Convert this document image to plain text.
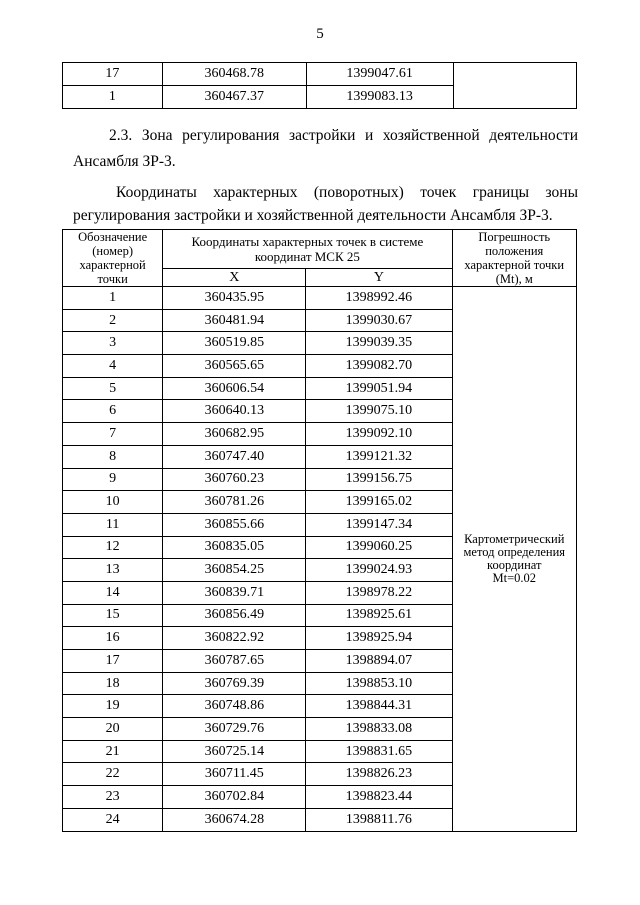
5
17	360468.78	1399047.61	
1	360467.37	1399083.13	

2.3. Зона регулирования застройки и хозяйственной деятельности Ансамбля ЗР-3.

Координаты характерных (поворотных) точек границы зоны регулирования застройки и хозяйственной деятельности Ансамбля ЗР-3.

Обозначение
(номер)
характерной
точки	Координаты характерных точек в системе
координат МСК 25		Погрешность
положения
характерной точки
(Mt), м
	X	Y	
1	360435.95	1398992.46	Картометрический
метод определения
координат
Mt=0.02
2	360481.94	1399030.67	
3	360519.85	1399039.35	
4	360565.65	1399082.70	
5	360606.54	1399051.94	
6	360640.13	1399075.10	
7	360682.95	1399092.10	
8	360747.40	1399121.32	
9	360760.23	1399156.75	
10	360781.26	1399165.02	
11	360855.66	1399147.34	
12	360835.05	1399060.25	
13	360854.25	1399024.93	
14	360839.71	1398978.22	
15	360856.49	1398925.61	
16	360822.92	1398925.94	
17	360787.65	1398894.07	
18	360769.39	1398853.10	
19	360748.86	1398844.31	
20	360729.76	1398833.08	
21	360725.14	1398831.65	
22	360711.45	1398826.23	
23	360702.84	1398823.44	
24	360674.28	1398811.76	
